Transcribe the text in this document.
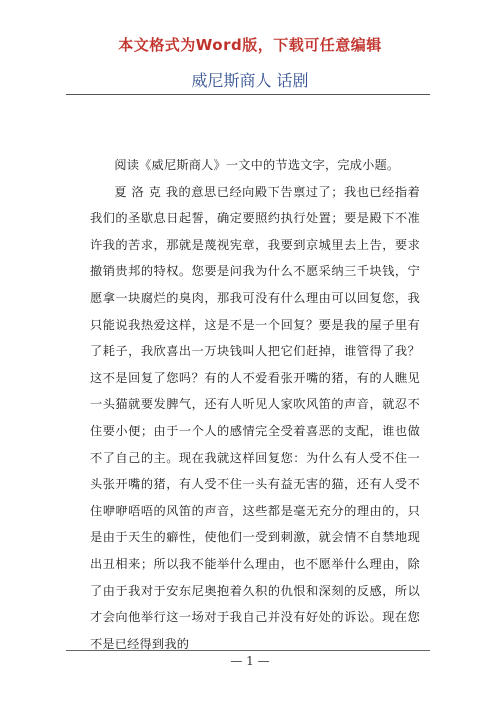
本文格式为Word版，下载可任意编辑
威尼斯商人 话剧

阅读《威尼斯商人》一文中的节选文字，完成小题。

夏 洛 克 我的意思已经向殿下告禀过了；我也已经指着我们的圣歇息日起誓，确定要照约执行处置；要是殿下不准许我的苦求，那就是蔑视宪章，我要到京城里去上告，要求撤销贵邦的特权。您要是问我为什么不愿采纳三千块钱，宁愿拿一块腐烂的臭肉，那我可没有什么理由可以回复您，我只能说我热爱这样，这是不是一个回复？要是我的屋子里有了耗子，我欣喜出一万块钱叫人把它们赶掉，谁管得了我？这不是回复了您吗？有的人不爱看张开嘴的猪，有的人瞧见一头猫就要发脾气，还有人听见人家吹风笛的声音，就忍不住要小便；由于一个人的感情完全受着喜恶的支配，谁也做不了自己的主。现在我就这样回复您：为什么有人受不住一头张开嘴的猪，有人受不住一头有益无害的猫，还有人受不住咿咿唔唔的风笛的声音，这些都是毫无充分的理由的，只是由于天生的癖性，使他们一受到刺激，就会情不自禁地现出丑相来；所以我不能举什么理由，也不愿举什么理由，除了由于我对于安东尼奥抱着久积的仇恨和深刻的反感，所以才会向他举行这一场对于我自己并没有好处的诉讼。现在您不是已经得到我的

— 1 —
